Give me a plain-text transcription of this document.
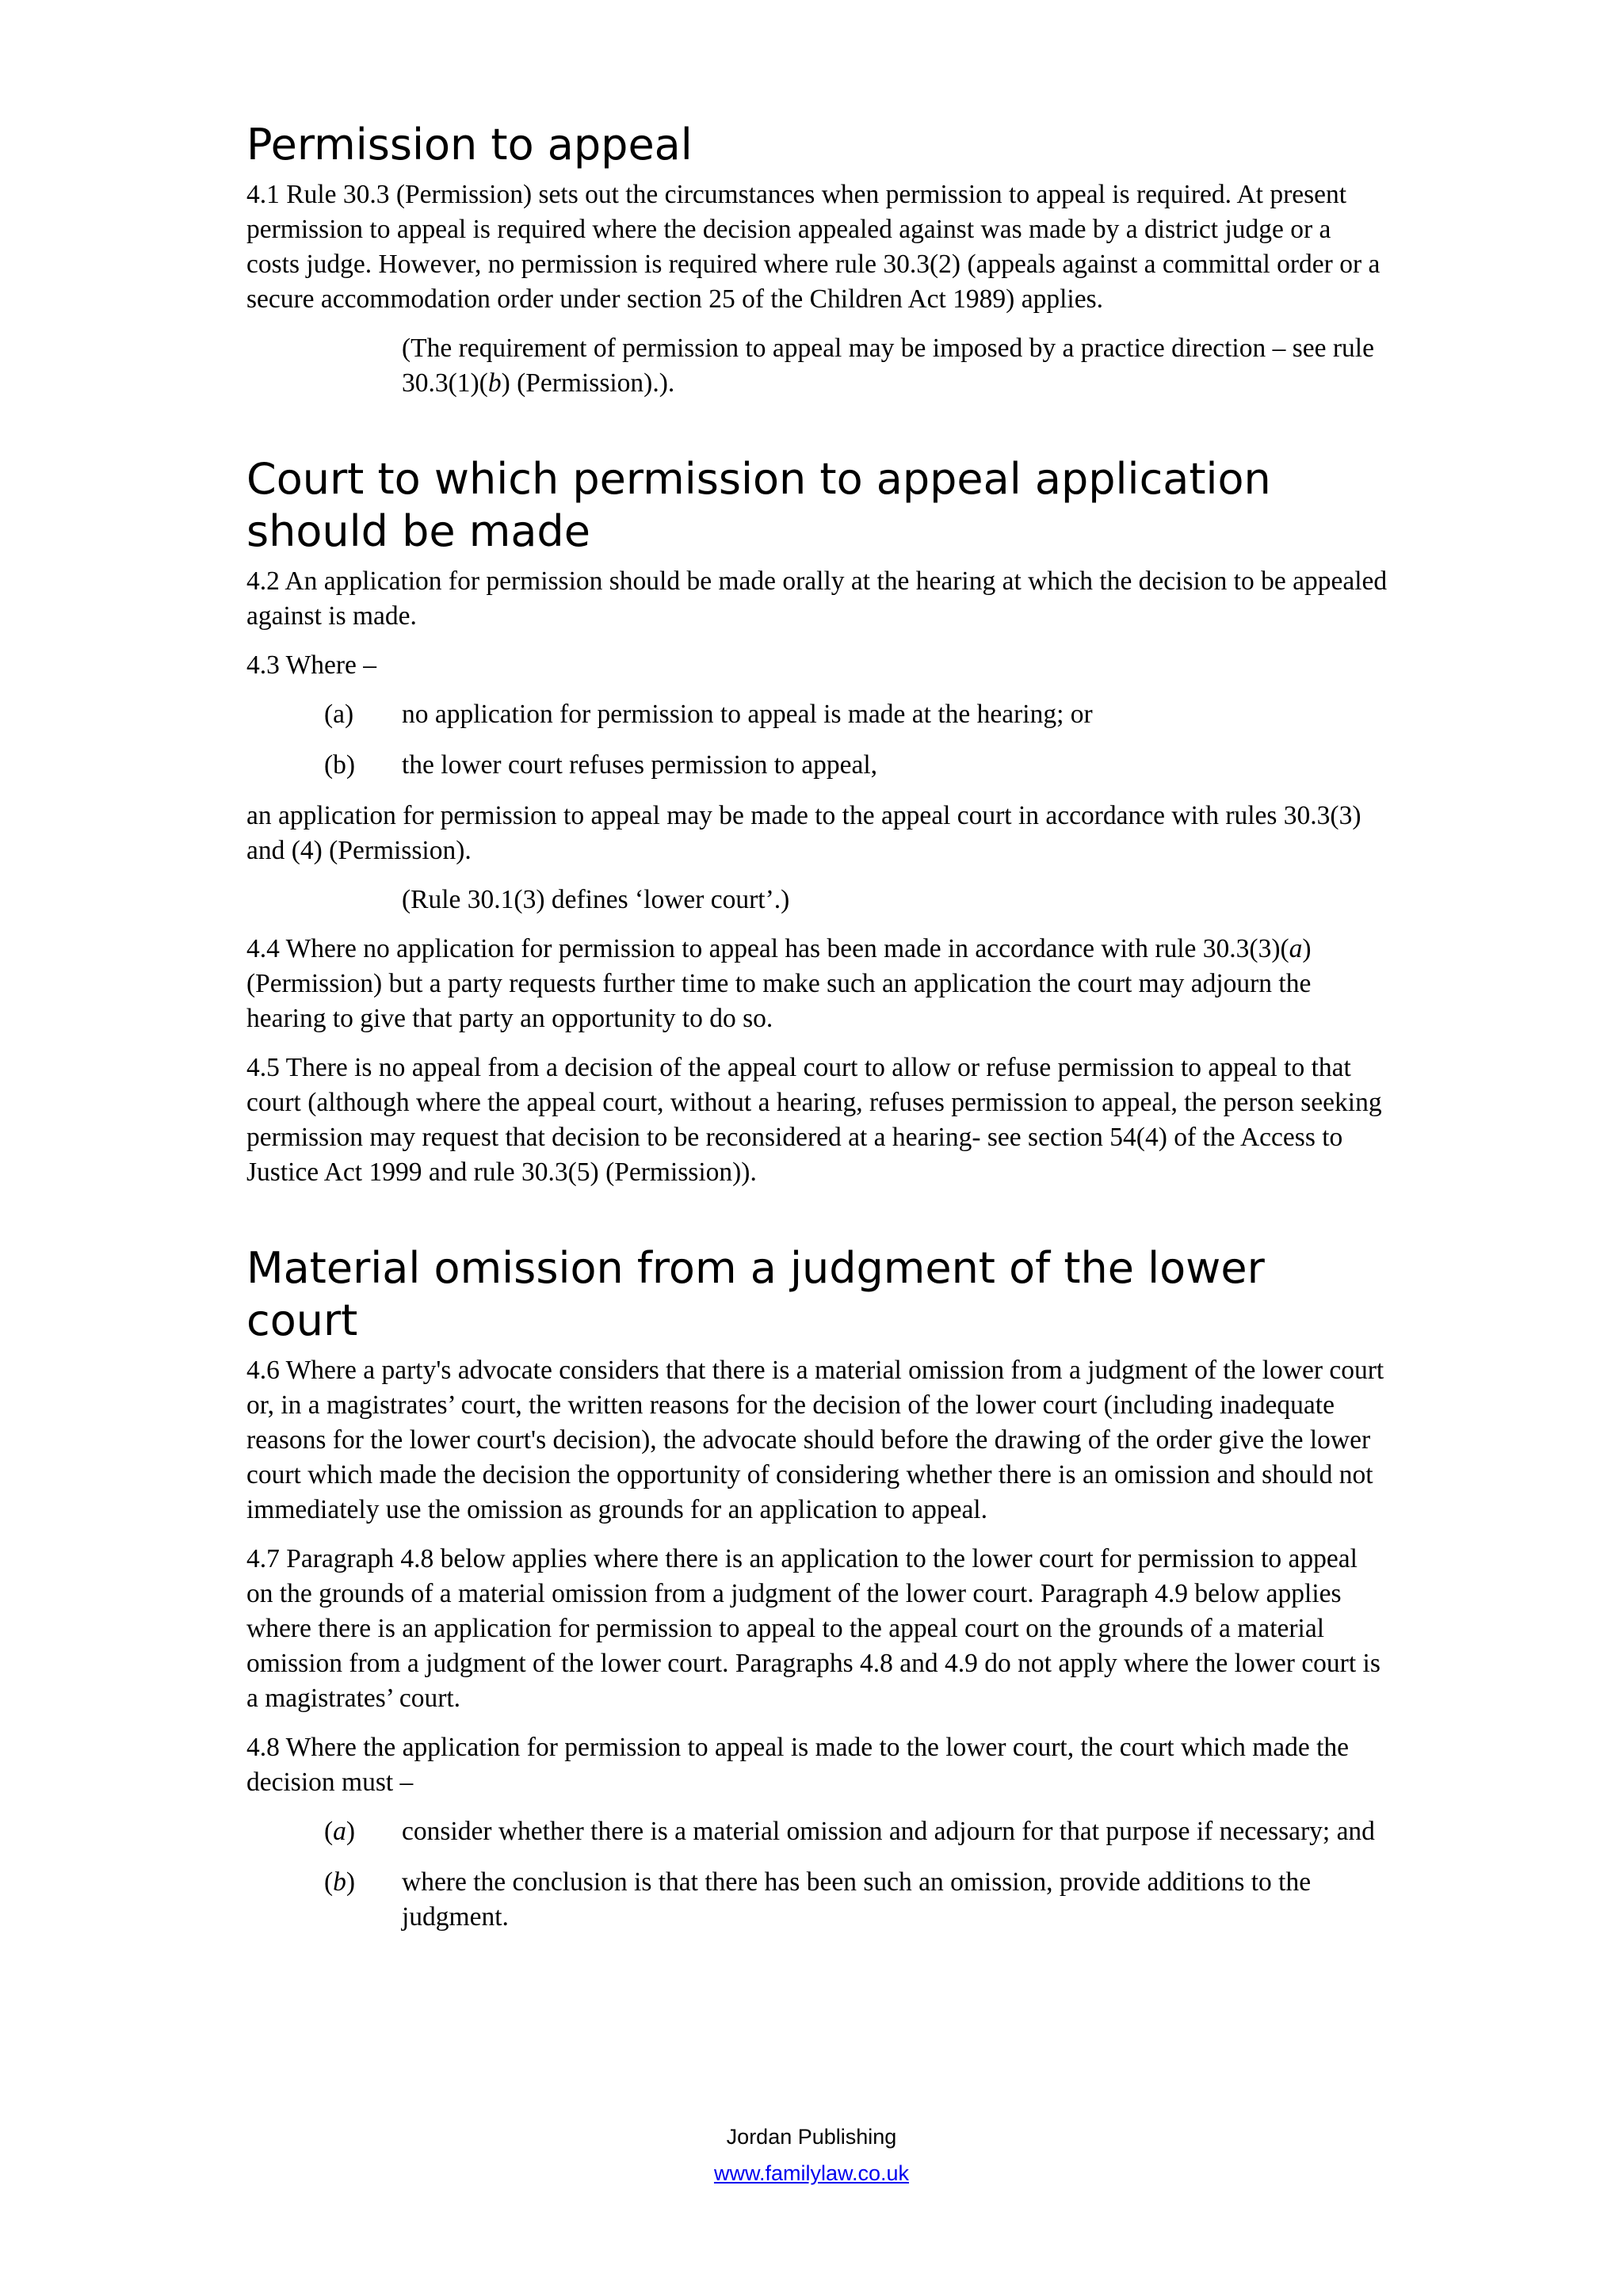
Permission to appeal

4.1 Rule 30.3 (Permission) sets out the circumstances when permission to appeal is required. At present permission to appeal is required where the decision appealed against was made by a district judge or a costs judge. However, no permission is required where rule 30.3(2) (appeals against a committal order or a secure accommodation order under section 25 of the Children Act 1989) applies.

(The requirement of permission to appeal may be imposed by a practice direction – see rule 30.3(1)(b) (Permission).).

Court to which permission to appeal application should be made

4.2 An application for permission should be made orally at the hearing at which the decision to be appealed against is made.

4.3 Where –

(a)	no application for permission to appeal is made at the hearing; or
(b)	the lower court refuses permission to appeal,

an application for permission to appeal may be made to the appeal court in accordance with rules 30.3(3) and (4) (Permission).

(Rule 30.1(3) defines ‘lower court’.)

4.4 Where no application for permission to appeal has been made in accordance with rule 30.3(3)(a) (Permission) but a party requests further time to make such an application the court may adjourn the hearing to give that party an opportunity to do so.

4.5 There is no appeal from a decision of the appeal court to allow or refuse permission to appeal to that court (although where the appeal court, without a hearing, refuses permission to appeal, the person seeking permission may request that decision to be reconsidered at a hearing- see section 54(4) of the Access to Justice Act 1999 and rule 30.3(5) (Permission)).

Material omission from a judgment of the lower court

4.6 Where a party's advocate considers that there is a material omission from a judgment of the lower court or, in a magistrates’ court, the written reasons for the decision of the lower court (including inadequate reasons for the lower court's decision), the advocate should before the drawing of the order give the lower court which made the decision the opportunity of considering whether there is an omission and should not immediately use the omission as grounds for an application to appeal.

4.7 Paragraph 4.8 below applies where there is an application to the lower court for permission to appeal on the grounds of a material omission from a judgment of the lower court. Paragraph 4.9 below applies where there is an application for permission to appeal to the appeal court on the grounds of a material omission from a judgment of the lower court. Paragraphs 4.8 and 4.9 do not apply where the lower court is a magistrates’ court.

4.8 Where the application for permission to appeal is made to the lower court, the court which made the decision must –

(a)	consider whether there is a material omission and adjourn for that purpose if necessary; and
(b)	where the conclusion is that there has been such an omission, provide additions to the judgment.
Jordan Publishing
www.familylaw.co.uk
